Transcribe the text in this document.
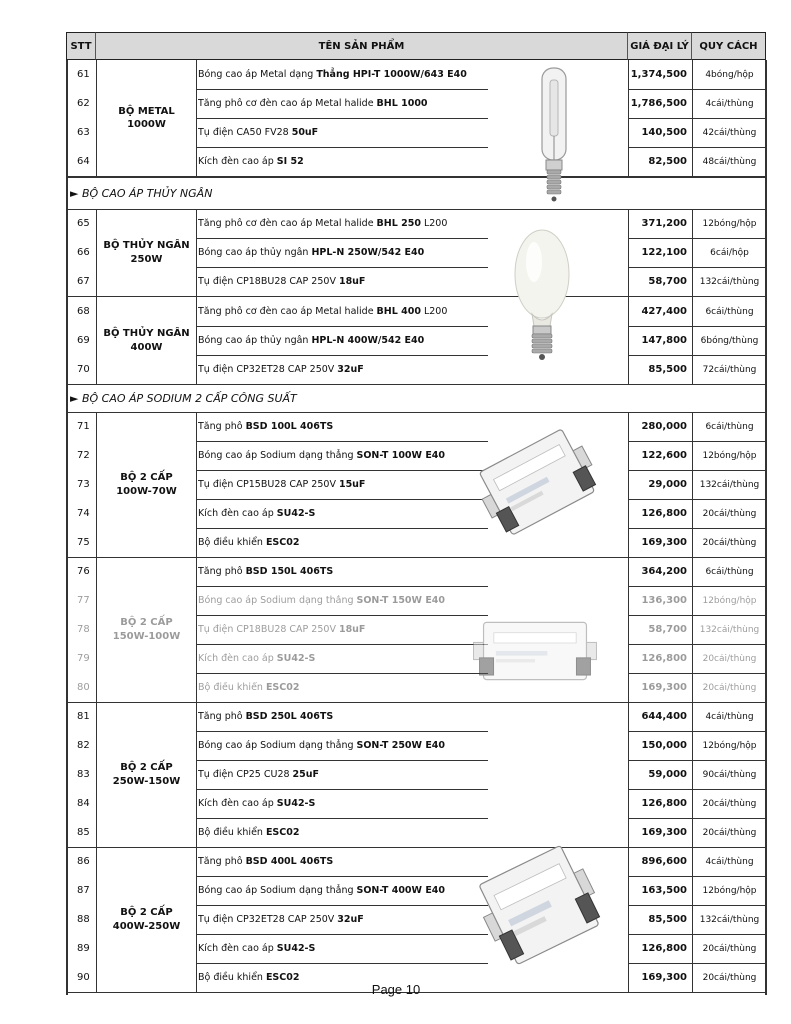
STT	TÊN SẢN PHẨM	GIÁ ĐẠI LÝ	QUY CÁCH
BỘ METAL 1000W
61	Bóng cao áp Metal dạng Thẳng HPI-T 1000W/643 E40	1,374,500	4bóng/hộp
62	Tăng phô cơ đèn cao áp Metal halide BHL 1000	1,786,500	4cái/thùng
63	Tụ điện CA50 FV28 50uF	140,500	42cái/thùng
64	Kích đèn cao áp SI 52	82,500	48cái/thùng
► BỘ CAO ÁP THỦY NGÂN
BỘ THỦY NGÂN
250W
65	Tăng phô cơ đèn cao áp Metal halide BHL 250 L200	371,200	12bóng/hộp
66	Bóng cao áp thủy ngân HPL-N 250W/542 E40	122,100	6cái/hộp
67	Tụ điện CP18BU28 CAP 250V 18uF	58,700	132cái/thùng
BỘ THỦY NGÂN
400W
68	Tăng phô cơ đèn cao áp Metal halide BHL 400 L200	427,400	6cái/thùng
69	Bóng cao áp thủy ngân HPL-N 400W/542 E40	147,800	6bóng/thùng
70	Tụ điện CP32ET28 CAP 250V 32uF	85,500	72cái/thùng
► BỘ CAO ÁP SODIUM 2 CẤP CÔNG SUẤT
BỘ 2 CẤP
100W-70W
71	Tăng phô BSD 100L 406TS	280,000	6cái/thùng
72	Bóng cao áp Sodium dạng thẳng SON-T 100W E40	122,600	12bóng/hộp
73	Tụ điện CP15BU28 CAP 250V 15uF	29,000	132cái/thùng
74	Kích đèn cao áp SU42-S	126,800	20cái/thùng
75	Bộ điều khiển ESC02	169,300	20cái/thùng
BỘ 2 CẤP
150W-100W
76	Tăng phô BSD 150L 406TS	364,200	6cái/thùng
77	Bóng cao áp Sodium dạng thẳng SON-T 150W E40	136,300	12bóng/hộp
78	Tụ điện CP18BU28 CAP 250V 18uF	58,700	132cái/thùng
79	Kích đèn cao áp SU42-S	126,800	20cái/thùng
80	Bộ điều khiển ESC02	169,300	20cái/thùng
BỘ 2 CẤP
250W-150W
81	Tăng phô BSD 250L 406TS	644,400	4cái/thùng
82	Bóng cao áp Sodium dạng thẳng SON-T 250W E40	150,000	12bóng/hộp
83	Tụ điện CP25 CU28 25uF	59,000	90cái/thùng
84	Kích đèn cao áp SU42-S	126,800	20cái/thùng
85	Bộ điều khiển ESC02	169,300	20cái/thùng
BỘ 2 CẤP
400W-250W
86	Tăng phô BSD 400L 406TS	896,600	4cái/thùng
87	Bóng cao áp Sodium dạng thẳng SON-T 400W E40	163,500	12bóng/hộp
88	Tụ điện CP32ET28 CAP 250V 32uF	85,500	132cái/thùng
89	Kích đèn cao áp SU42-S	126,800	20cái/thùng
90	Bộ điều khiển ESC02	169,300	20cái/thùng
Page 10
